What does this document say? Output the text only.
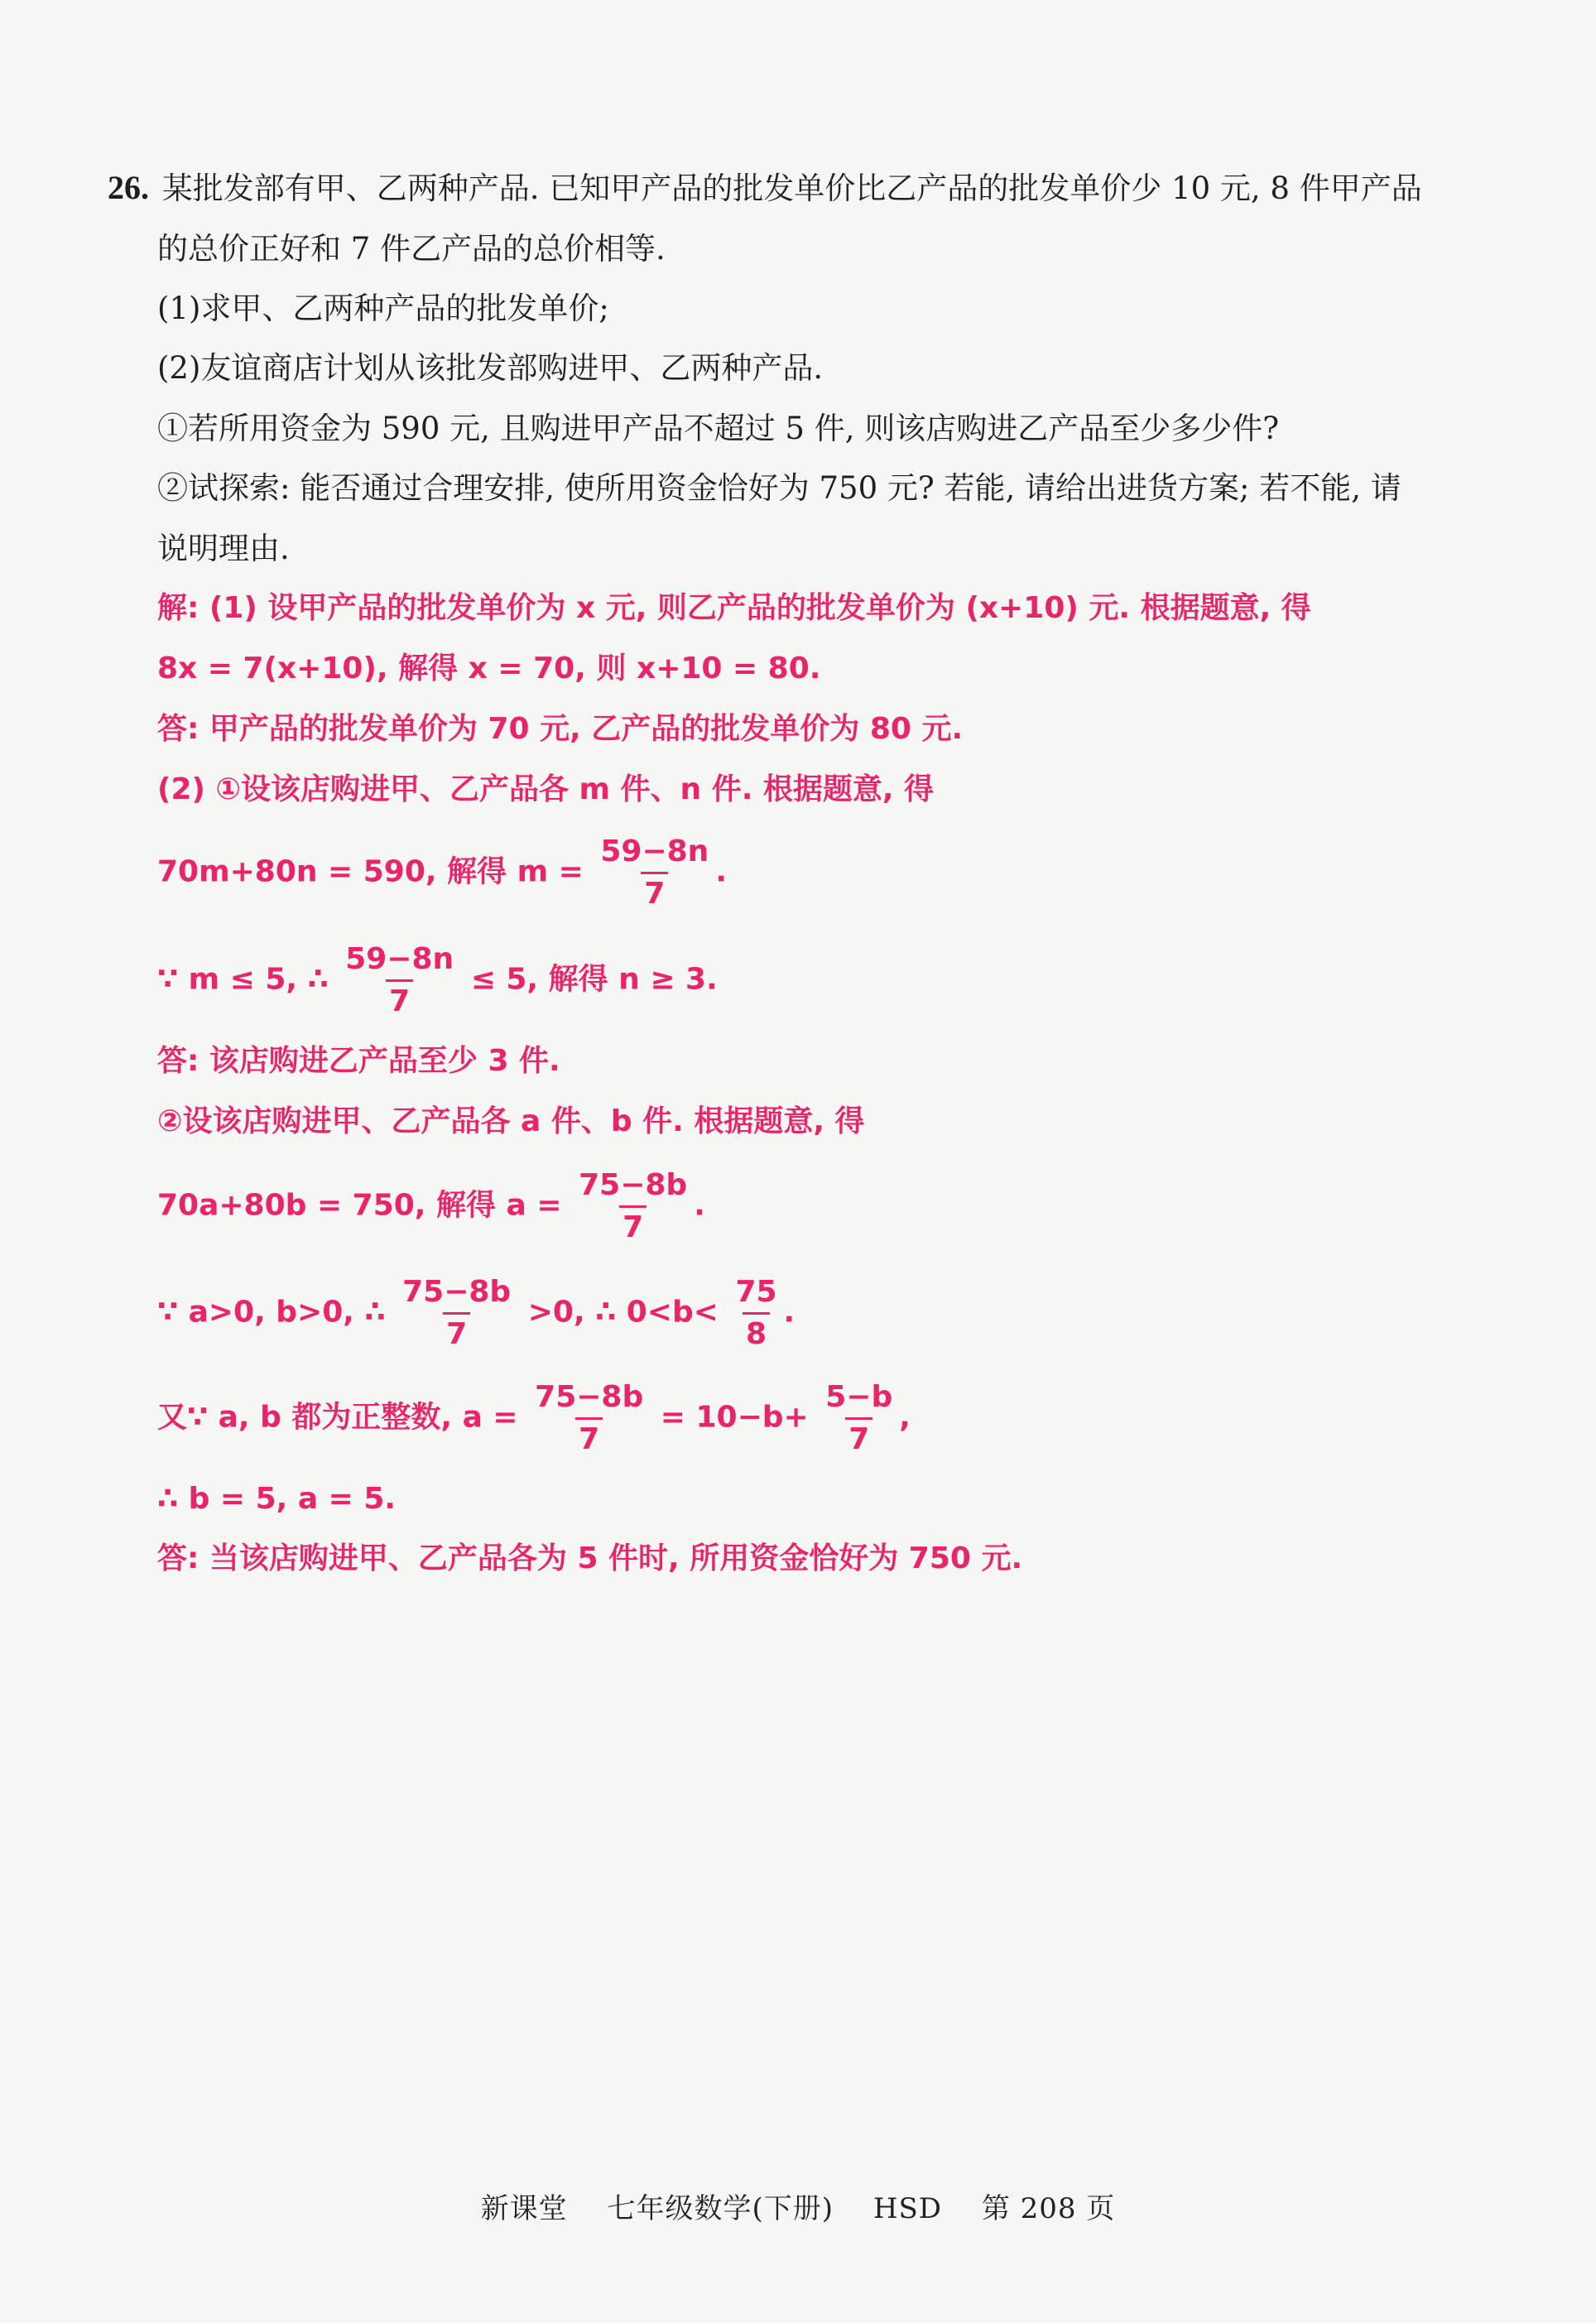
26. 某批发部有甲、乙两种产品. 已知甲产品的批发单价比乙产品的批发单价少 10 元, 8 件甲产品
的总价正好和 7 件乙产品的总价相等.
(1)求甲、乙两种产品的批发单价;
(2)友谊商店计划从该批发部购进甲、乙两种产品.
①若所用资金为 590 元, 且购进甲产品不超过 5 件, 则该店购进乙产品至少多少件?
②试探索: 能否通过合理安排, 使所用资金恰好为 750 元? 若能, 请给出进货方案; 若不能, 请
说明理由.
解: (1) 设甲产品的批发单价为 x 元, 则乙产品的批发单价为 (x+10) 元. 根据题意, 得
8x = 7(x+10), 解得 x = 70, 则 x+10 = 80.
答: 甲产品的批发单价为 70 元, 乙产品的批发单价为 80 元.
(2) ①设该店购进甲、乙产品各 m 件、n 件. 根据题意, 得
70m+80n = 590, 解得 $m = \frac{59-8n}{7}$ .
∵ m ≤ 5, ∴ $\frac{59-8n}{7} \le 5$, 解得 n ≥ 3.
答: 该店购进乙产品至少 3 件.
②设该店购进甲、乙产品各 a 件、b 件. 根据题意, 得
70a+80b = 750, 解得 $a = \frac{75-8b}{7}$ .
∵ a>0, b>0, ∴ $\frac{75-8b}{7} >0$, ∴ $0<b< \frac{75}{8}$ .
又∵ a, b 都为正整数, $a = \frac{75-8b}{7} = 10-b+ \frac{5-b}{7}$ ,
∴ b = 5, a = 5.
答: 当该店购进甲、乙产品各为 5 件时, 所用资金恰好为 750 元.
新课堂 七年级数学(下册) HSD 第 208 页
